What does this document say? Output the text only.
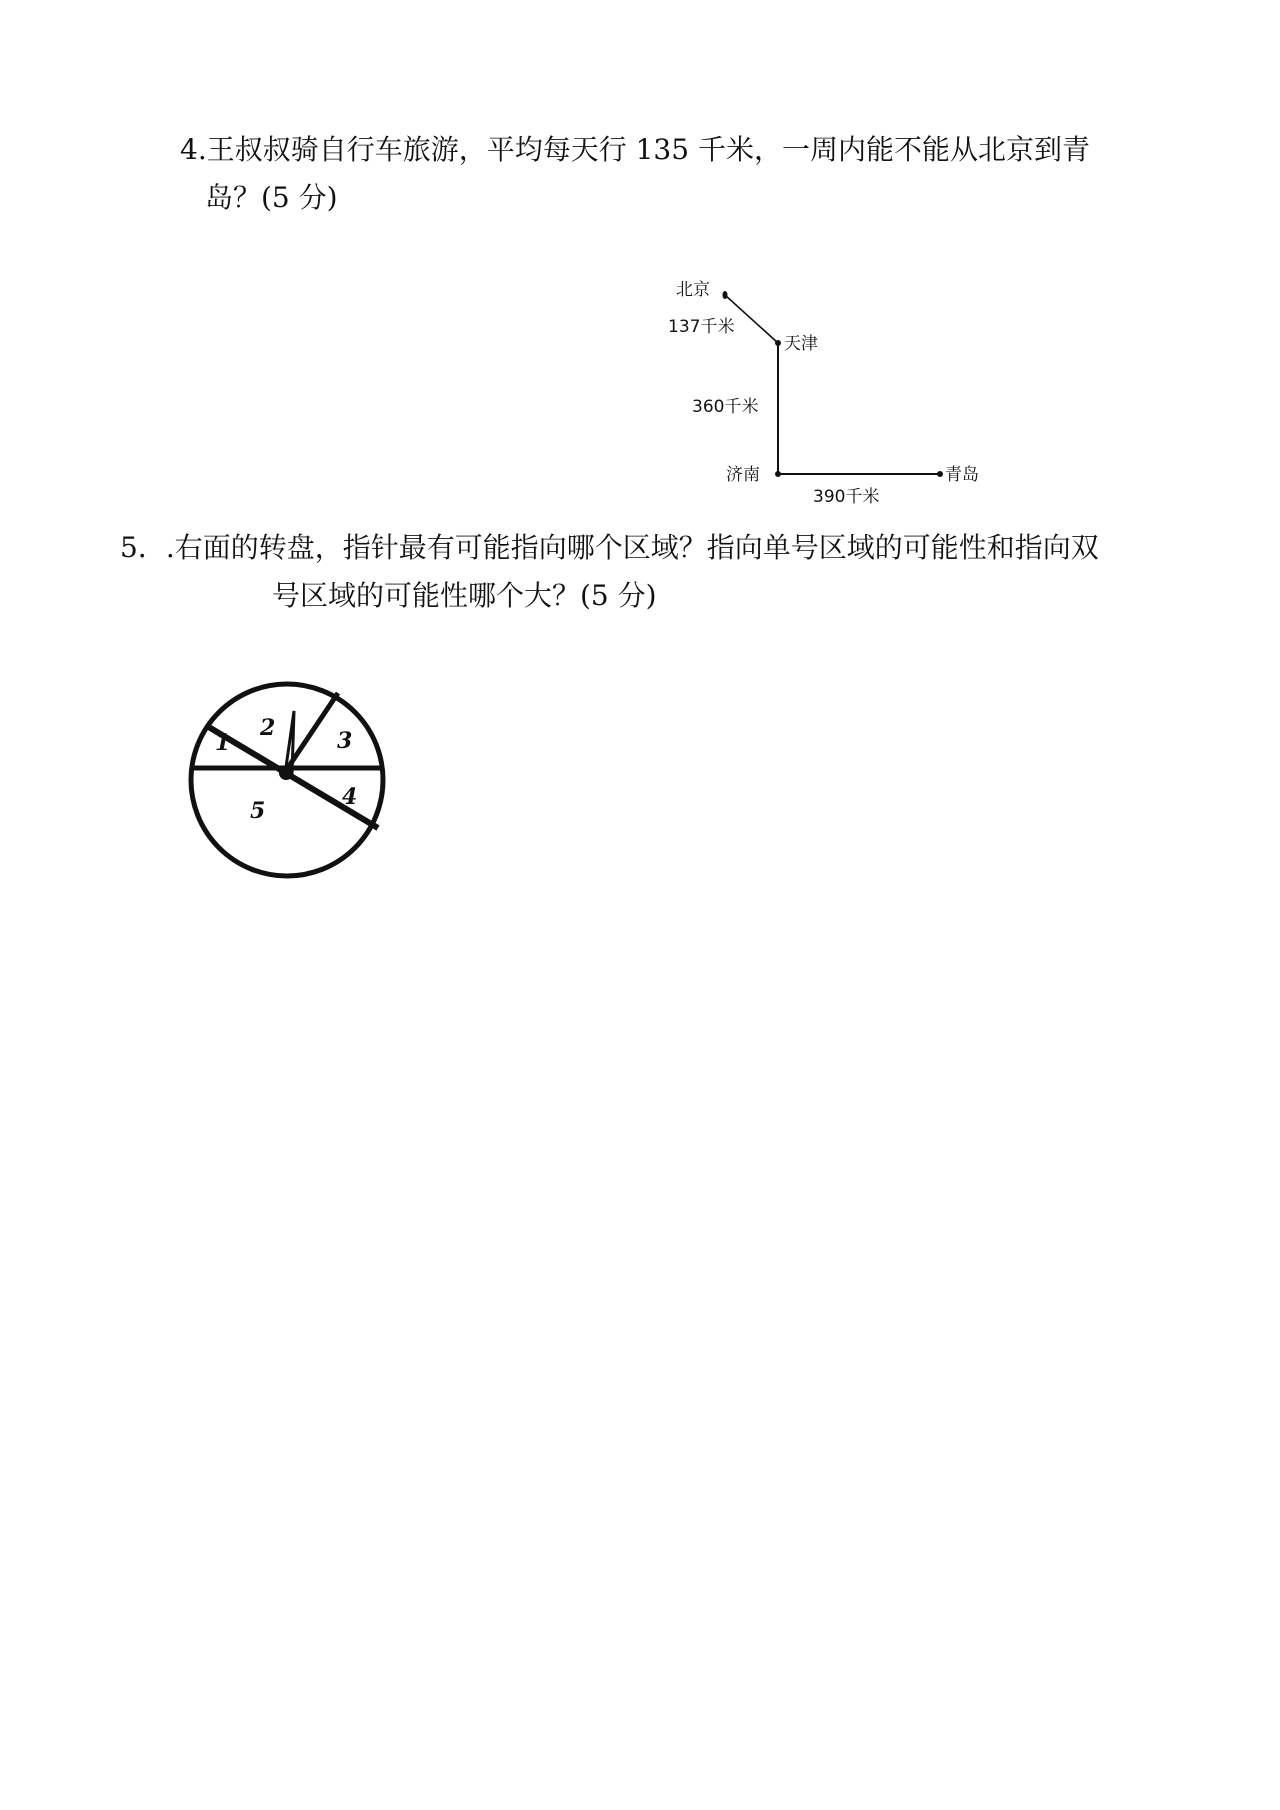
4.王叔叔骑自行车旅游，平均每天行 135 千米，一周内能不能从北京到青
岛？(5 分)
北京
天津
济南	青岛
137千米
360千米
390千米
5．.右面的转盘，指针最有可能指向哪个区域？指向单号区域的可能性和指向双
号区域的可能性哪个大？(5 分)
1
2	3
4
5
